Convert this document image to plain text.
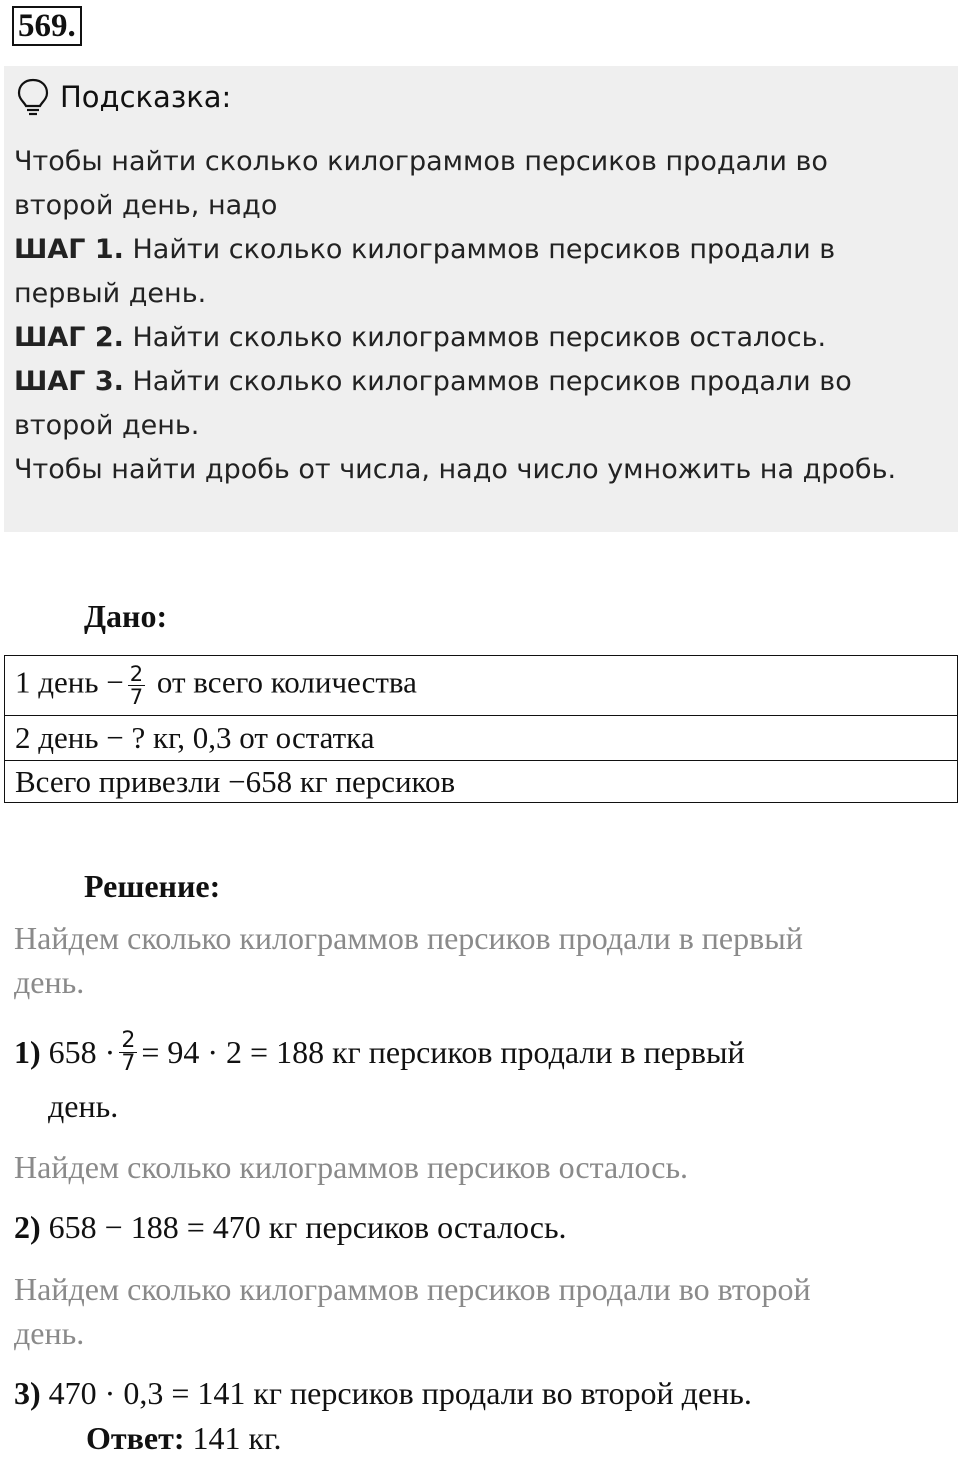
569.
Подсказка:
Чтобы найти сколько килограммов персиков продали во
второй день, надо
ШАГ 1. Найти сколько килограммов персиков продали в
первый день.
ШАГ 2. Найти сколько килограммов персиков осталось.
ШАГ 3. Найти сколько килограммов персиков продали во
второй день.
Чтобы найти дробь от числа, надо число умножить на дробь.
Дано:
1 день − $\frac{2}{7}$ от всего количества
2 день − ? кг, 0,3 от остатка
Всего привезли −658 кг персиков
Решение:
Найдем сколько килограммов персиков продали в первый
день.
1) $658 \cdot \frac{2}{7} = 94 \cdot 2 = 188$ кг персиков продали в первый
день.
Найдем сколько килограммов персиков осталось.
2) 658 − 188 = 470 кг персиков осталось.
Найдем сколько килограммов персиков продали во второй
день.
3) 470 · 0,3 = 141 кг персиков продали во второй день.
Ответ: 141 кг.
